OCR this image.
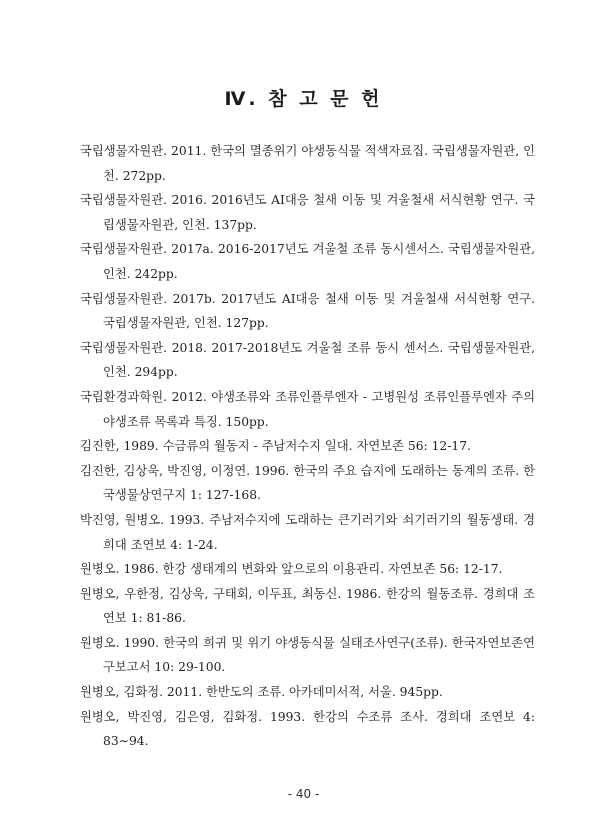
Ⅳ. 참 고 문 헌

국립생물자원관. 2011. 한국의 멸종위기 야생동식물 적색자료집. 국립생물자원관, 인천. 272pp.

국립생물자원관. 2016. 2016년도 AI대응 철새 이동 및 겨울철새 서식현황 연구. 국립생물자원관, 인천. 137pp.

국립생물자원관. 2017a. 2016-2017년도 겨울철 조류 동시센서스. 국립생물자원관, 인천. 242pp.

국립생물자원관. 2017b. 2017년도 AI대응 철새 이동 및 겨울철새 서식현황 연구. 국립생물자원관, 인천. 127pp.

국립생물자원관. 2018. 2017-2018년도 겨울철 조류 동시 센서스. 국립생물자원관, 인천. 294pp.

국립환경과학원. 2012. 야생조류와 조류인플루엔자 - 고병원성 조류인플루엔자 주의 야생조류 목록과 특징. 150pp.

김진한, 1989. 수금류의 월동지 - 주남저수지 일대. 자연보존 56: 12-17.

김진한, 김상욱, 박진영, 이정연. 1996. 한국의 주요 습지에 도래하는 동계의 조류. 한국생물상연구지 1: 127-168.

박진영, 원병오. 1993. 주남저수지에 도래하는 큰기러기와 쇠기러기의 월동생태. 경희대 조연보 4: 1-24.

원병오. 1986. 한강 생태계의 변화와 앞으로의 이용관리. 자연보존 56: 12-17.

원병오, 우한정, 김상욱, 구태회, 이두표, 최동신. 1986. 한강의 월동조류. 경희대 조연보 1: 81-86.

원병오. 1990. 한국의 희귀 및 위기 야생동식물 실태조사연구(조류). 한국자연보존연구보고서 10: 29-100.

원병오, 김화정. 2011. 한반도의 조류. 아카데미서적, 서울. 945pp.

원병오, 박진영, 김은영, 김화정. 1993. 한강의 수조류 조사. 경희대 조연보 4: 83∼94.

- 40 -
